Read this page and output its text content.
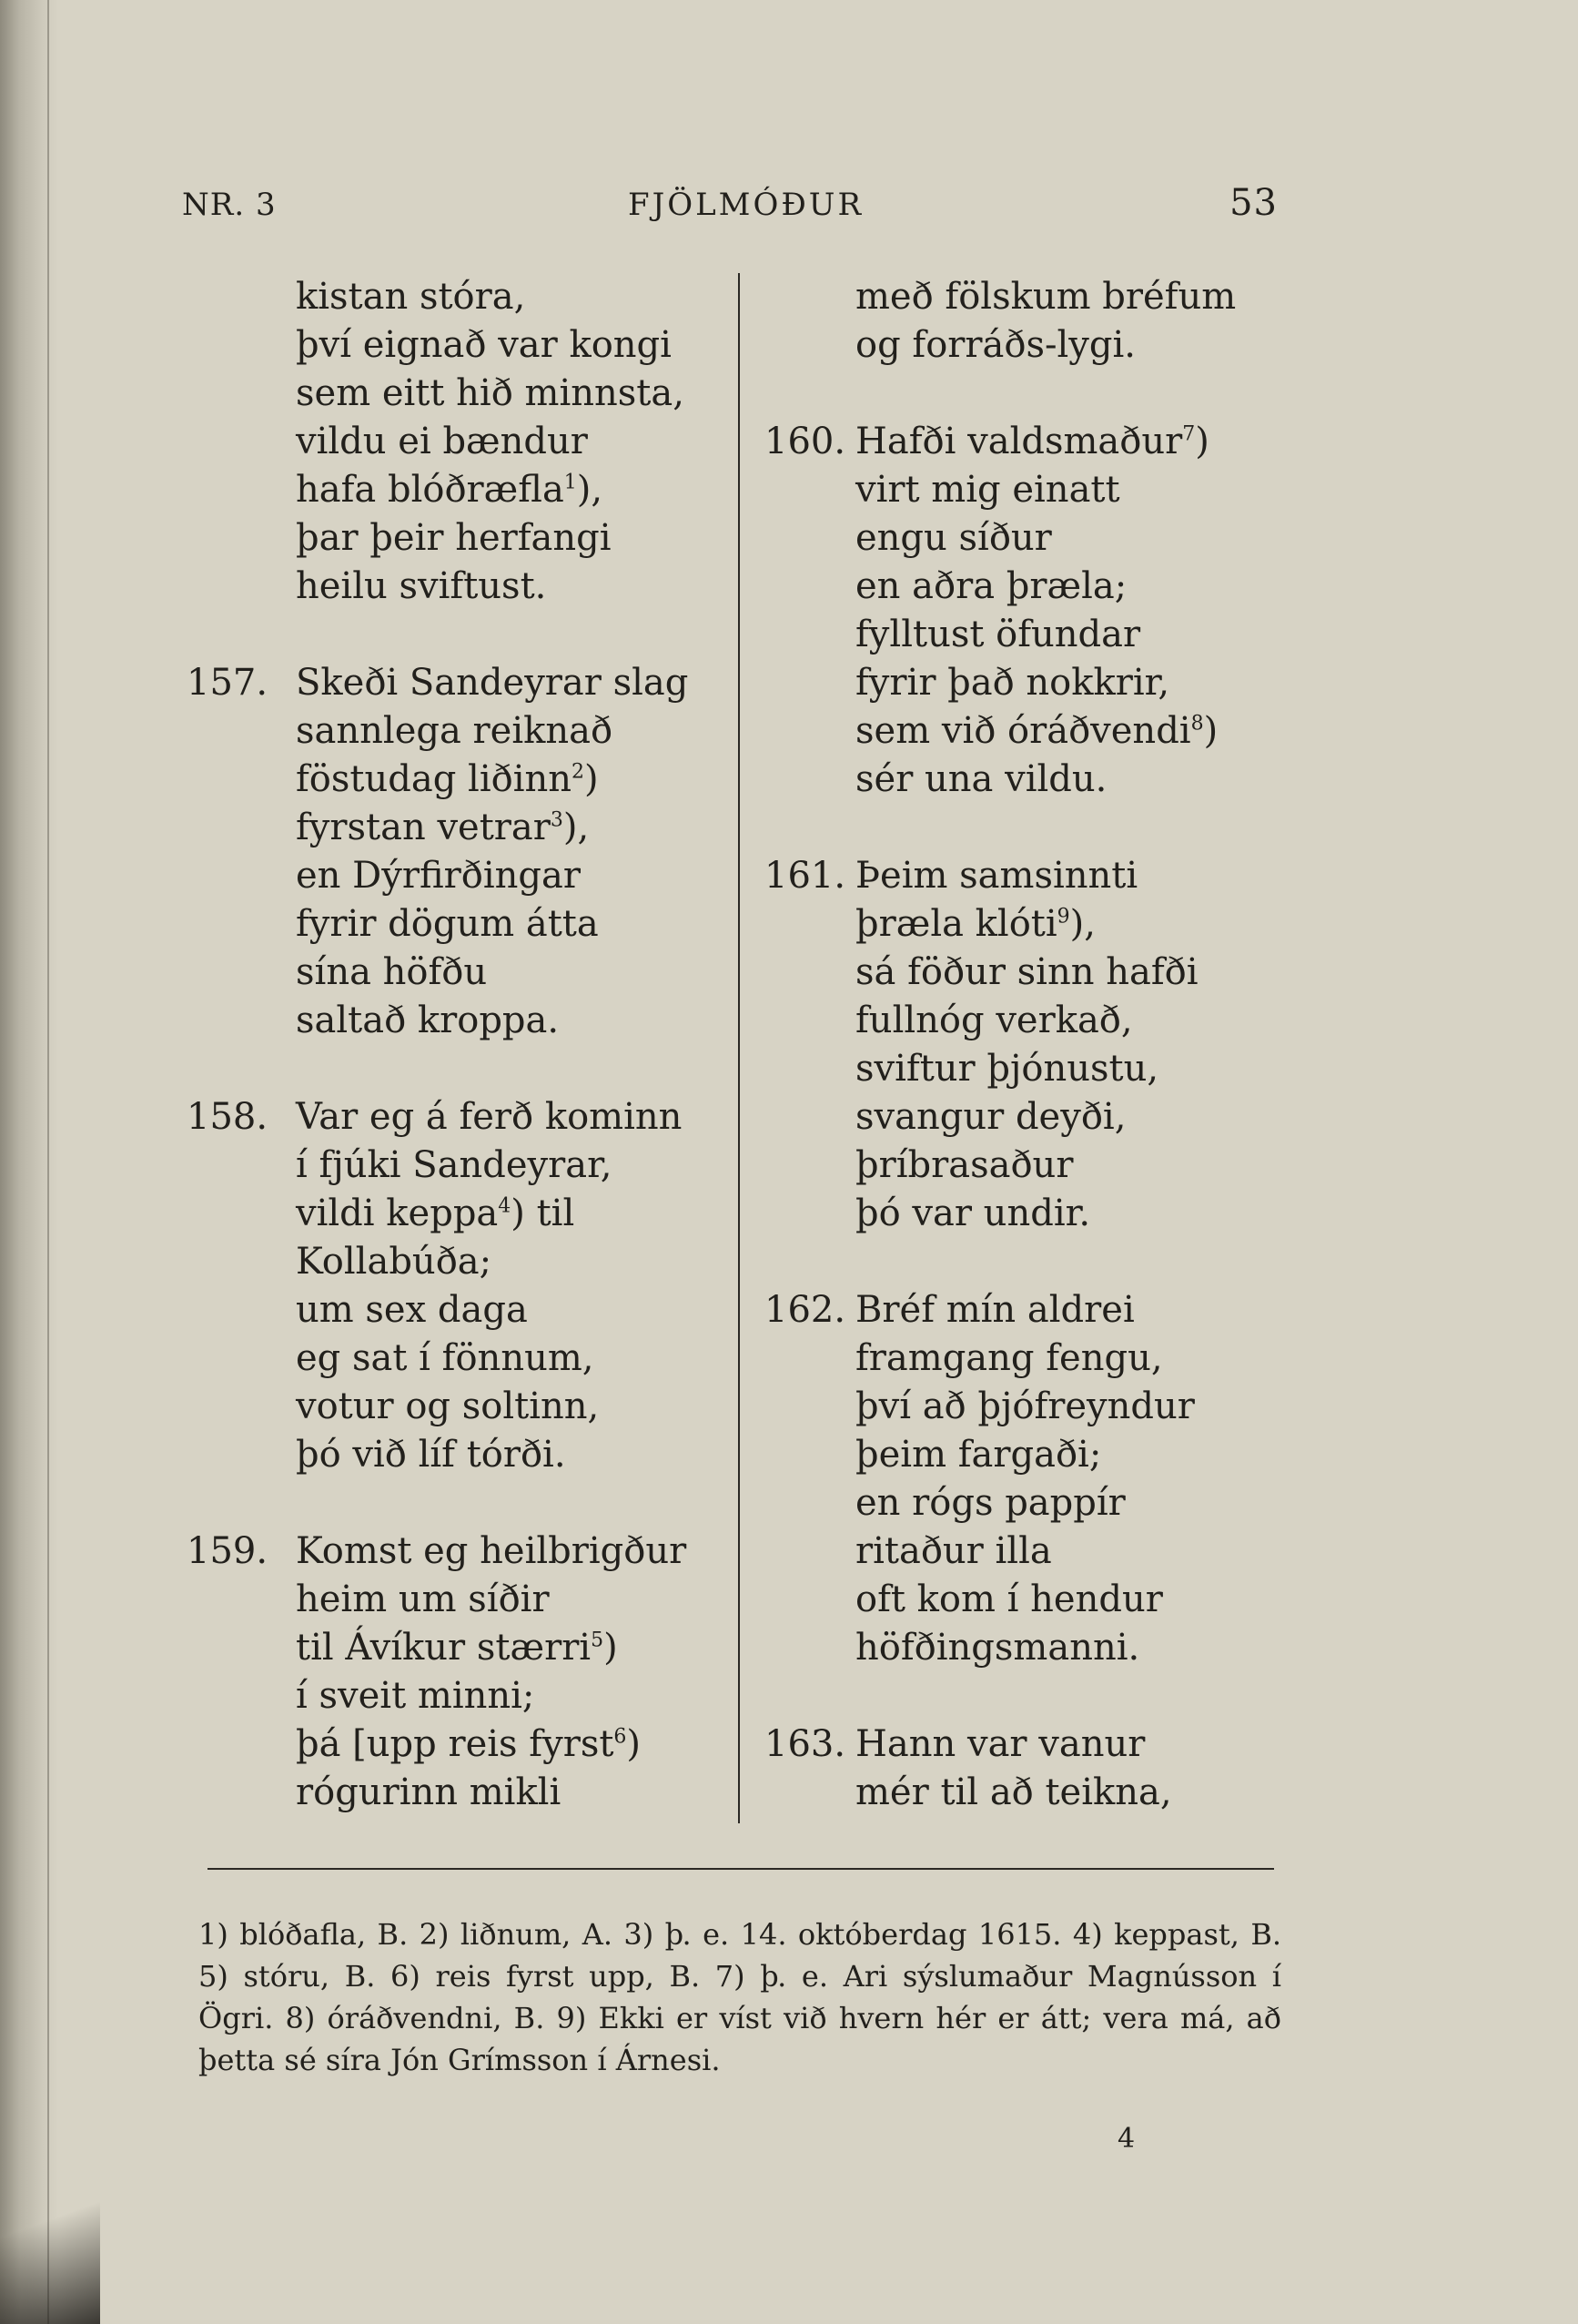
NR. 3	FJÖLMÓÐUR	53
kistan stóra,
því eignað var kongi
sem eitt hið minnsta,
vildu ei bændur
hafa blóðræfla$^1$),
þar þeir herfangi
heilu sviftust.
157. Skeði Sandeyrar slag
sannlega reiknað
föstudag liðinn$^2$)
fyrstan vetrar$^3$),
en Dýrfirðingar
fyrir dögum átta
sína höfðu
saltað kroppa.
158. Var eg á ferð kominn
í fjúki Sandeyrar,
vildi keppa$^4$) til
Kollabúða;
um sex daga
eg sat í fönnum,
votur og soltinn,
þó við líf tórði.
159. Komst eg heilbrigður
heim um síðir
til Ávíkur stærri$^5$)
í sveit minni;
þá [upp reis fyrst$^6$)
rógurinn mikli
með fölskum bréfum
og forráðs-lygi.
160. Hafði valdsmaður$^7$)
virt mig einatt
engu síður
en aðra þræla;
fylltust öfundar
fyrir það nokkrir,
sem við óráðvendi$^8$)
sér una vildu.
161. Þeim samsinnti
þræla klóti$^9$),
sá föður sinn hafði
fullnóg verkað,
sviftur þjónustu,
svangur deyði,
þríbrasaður
þó var undir.
162. Bréf mín aldrei
framgang fengu,
því að þjófreyndur
þeim fargaði;
en rógs pappír
ritaður illa
oft kom í hendur
höfðingsmanni.
163. Hann var vanur
mér til að teikna,
1) blóðafla, B. 2) liðnum, A. 3) þ. e. 14. októberdag 1615. 4) keppast, B. 5) stóru, B. 6) reis fyrst upp, B. 7) þ. e. Ari sýslumaður Magnússon í Ögri. 8) óráðvendni, B. 9) Ekki er víst við hvern hér er átt; vera má, að þetta sé síra Jón Grímsson í Árnesi.
4
